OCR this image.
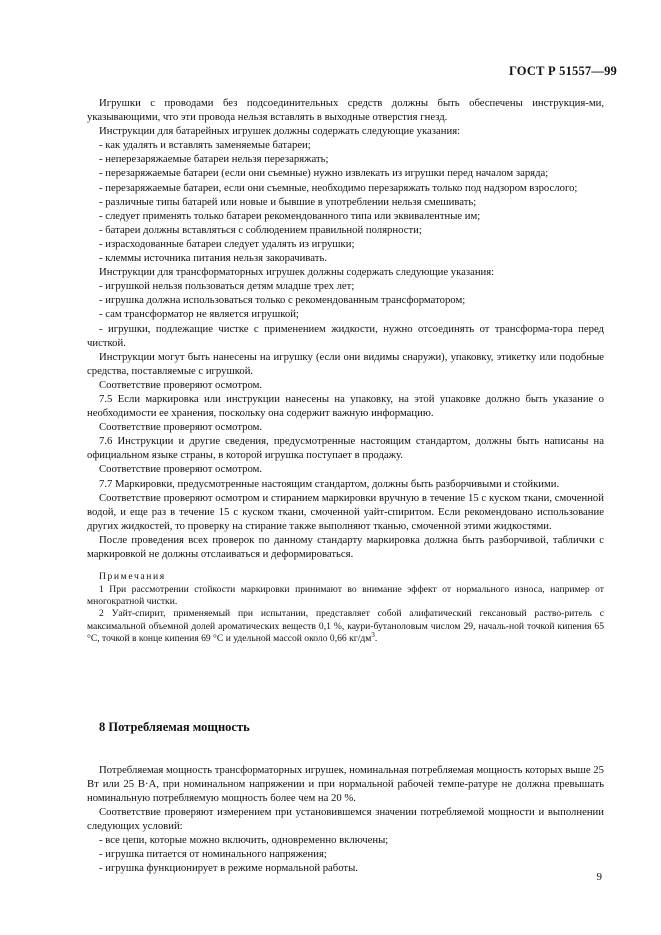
ГОСТ Р 51557—99

Игрушки с проводами без подсоединительных средств должны быть обеспечены инструкция-ми, указывающими, что эти провода нельзя вставлять в выходные отверстия гнезд.

Инструкции для батарейных игрушек должны содержать следующие указания:

- как удалять и вставлять заменяемые батареи;

- неперезаряжаемые батареи нельзя перезаряжать;

- перезаряжаемые батареи (если они съемные) нужно извлекать из игрушки перед началом заряда;

- перезаряжаемые батареи, если они съемные, необходимо перезаряжать только под надзором взрослого;

- различные типы батарей или новые и бывшие в употреблении нельзя смешивать;

- следует применять только батареи рекомендованного типа или эквивалентные им;

- батареи должны вставляться с соблюдением правильной полярности;

- израсходованные батареи следует удалять из игрушки;

- клеммы источника питания нельзя закорачивать.

Инструкции для трансформаторных игрушек должны содержать следующие указания:

- игрушкой нельзя пользоваться детям младше трех лет;

- игрушка должна использоваться только с рекомендованным трансформатором;

- сам трансформатор не является игрушкой;

- игрушки, подлежащие чистке с применением жидкости, нужно отсоединять от трансформа-тора перед чисткой.

Инструкции могут быть нанесены на игрушку (если они видимы снаружи), упаковку, этикетку или подобные средства, поставляемые с игрушкой.

Соответствие проверяют осмотром.

7.5 Если маркировка или инструкции нанесены на упаковку, на этой упаковке должно быть указание о необходимости ее хранения, поскольку она содержит важную информацию.

Соответствие проверяют осмотром.

7.6 Инструкции и другие сведения, предусмотренные настоящим стандартом, должны быть написаны на официальном языке страны, в которой игрушка поступает в продажу.

Соответствие проверяют осмотром.

7.7 Маркировки, предусмотренные настоящим стандартом, должны быть разборчивыми и стойкими.

Соответствие проверяют осмотром и стиранием маркировки вручную в течение 15 с куском ткани, смоченной водой, и еще раз в течение 15 с куском ткани, смоченной уайт-спиритом. Если рекомендовано использование других жидкостей, то проверку на стирание также выполняют тканью, смоченной этими жидкостями.

После проведения всех проверок по данному стандарту маркировка должна быть разборчивой, таблички с маркировкой не должны отслаиваться и деформироваться.

Примечания

1 При рассмотрении стойкости маркировки принимают во внимание эффект от нормального износа, например от многократной чистки.

2 Уайт-спирит, применяемый при испытании, представляет собой алифатический гексановый раство-ритель с максимальной объемной долей ароматических веществ 0,1 %, каури-бутаноловым числом 29, началь-ной точкой кипения 65 °С, точкой в конце кипения 69 °С и удельной массой около 0,66 $кг/дм^3$.

8 Потребляемая мощность

Потребляемая мощность трансформаторных игрушек, номинальная потребляемая мощность которых выше 25 Вт или 25 В·А, при номинальном напряжении и при нормальной рабочей темпе-ратуре не должна превышать номинальную потребляемую мощность более чем на 20 %.

Соответствие проверяют измерением при установившемся значении потребляемой мощности и выполнении следующих условий:

- все цепи, которые можно включить, одновременно включены;

- игрушка питается от номинального напряжения;

- игрушка функционирует в режиме нормальной работы.

9
